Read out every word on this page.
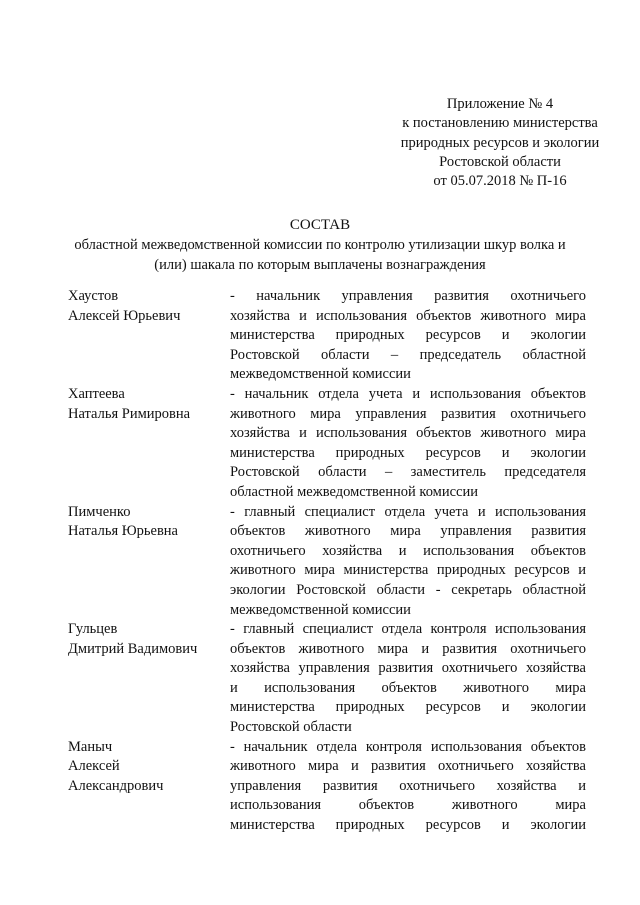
Приложение № 4
к постановлению министерства
природных ресурсов и экологии
Ростовской области
от 05.07.2018 № П-16
СОСТАВ
областной межведомственной комиссии по контролю утилизации шкур волка и
(или) шакала по которым выплачены вознаграждения
Хаустов
Алексей Юрьевич
- начальник управления развития охотничьего
хозяйства и использования объектов животного мира
министерства природных ресурсов и экологии
Ростовской области – председатель областной
межведомственной комиссии
Хаптеева
Наталья Римировна
- начальник отдела учета и использования объектов
животного мира управления развития охотничьего
хозяйства и использования объектов животного мира
министерства природных ресурсов и экологии
Ростовской области – заместитель председателя
областной межведомственной комиссии
Пимченко
Наталья Юрьевна
- главный специалист отдела учета и использования
объектов животного мира управления развития
охотничьего хозяйства и использования объектов
животного мира министерства природных ресурсов и
экологии Ростовской области - секретарь областной
межведомственной комиссии
Гульцев
Дмитрий Вадимович
- главный специалист отдела контроля использования
объектов животного мира и развития охотничьего
хозяйства управления развития охотничьего хозяйства
и использования объектов животного мира
министерства природных ресурсов и экологии
Ростовской области
Маныч
Алексей
Александрович
- начальник отдела контроля использования объектов
животного мира и развития охотничьего хозяйства
управления развития охотничьего хозяйства и
использования объектов животного мира
министерства природных ресурсов и экологии
